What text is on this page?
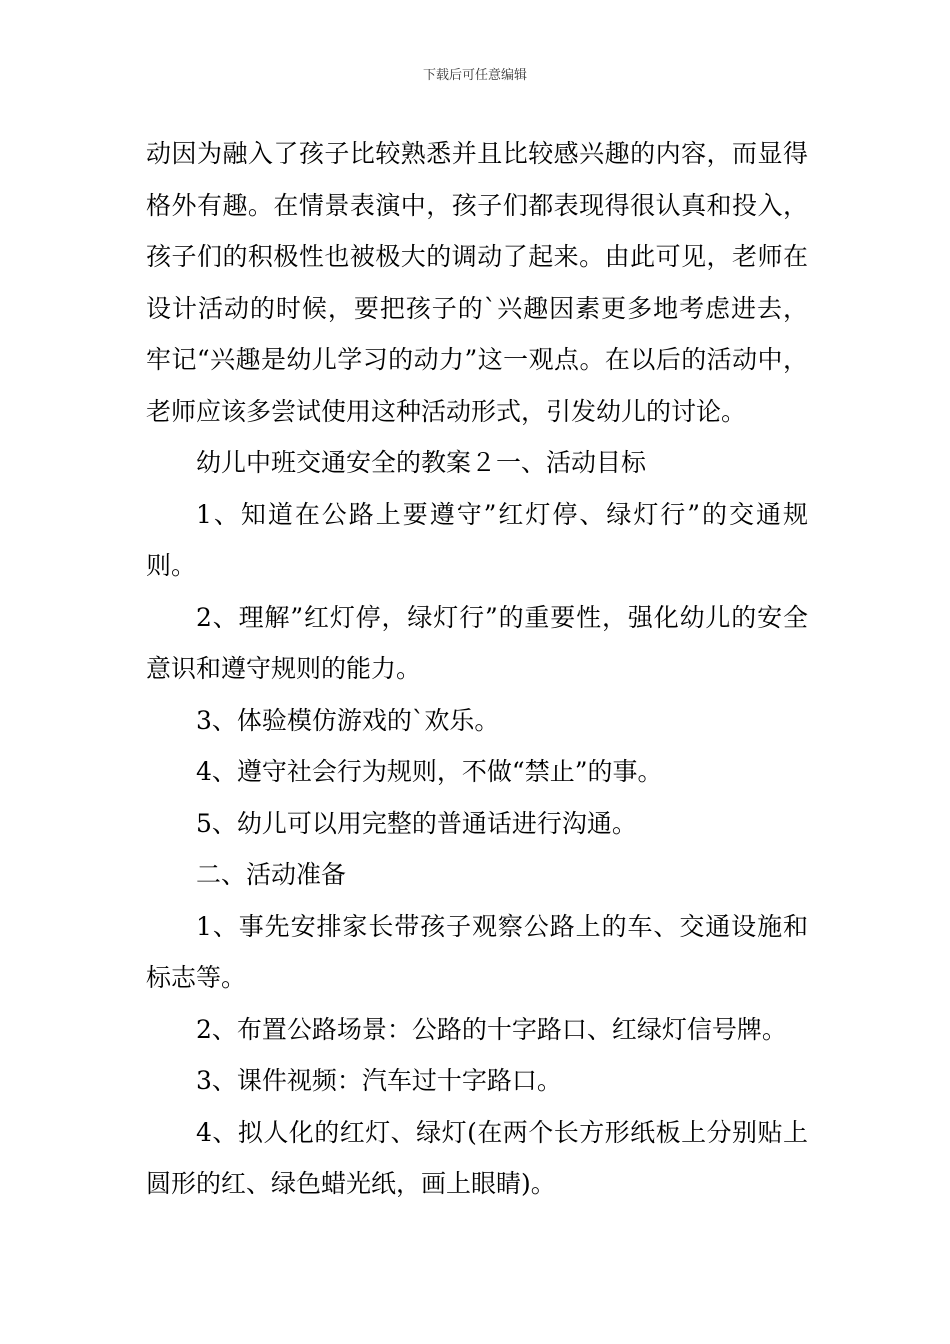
下载后可任意编辑

动因为融入了孩子比较熟悉并且比较感兴趣的内容，而显得格外有趣。在情景表演中，孩子们都表现得很认真和投入，孩子们的积极性也被极大的调动了起来。由此可见，老师在设计活动的时候，要把孩子的`兴趣因素更多地考虑进去，牢记“兴趣是幼儿学习的动力”这一观点。在以后的活动中，老师应该多尝试使用这种活动形式，引发幼儿的讨论。

幼儿中班交通安全的教案２一、活动目标

1、知道在公路上要遵守”红灯停、绿灯行”的交通规则。

2、理解”红灯停，绿灯行”的重要性，强化幼儿的安全意识和遵守规则的能力。

3、体验模仿游戏的`欢乐。

4、遵守社会行为规则，不做“禁止”的事。

5、幼儿可以用完整的普通话进行沟通。

二、活动准备

1、事先安排家长带孩子观察公路上的车、交通设施和标志等。

2、布置公路场景：公路的十字路口、红绿灯信号牌。

3、课件视频：汽车过十字路口。

4、拟人化的红灯、绿灯(在两个长方形纸板上分别贴上圆形的红、绿色蜡光纸，画上眼睛)。
